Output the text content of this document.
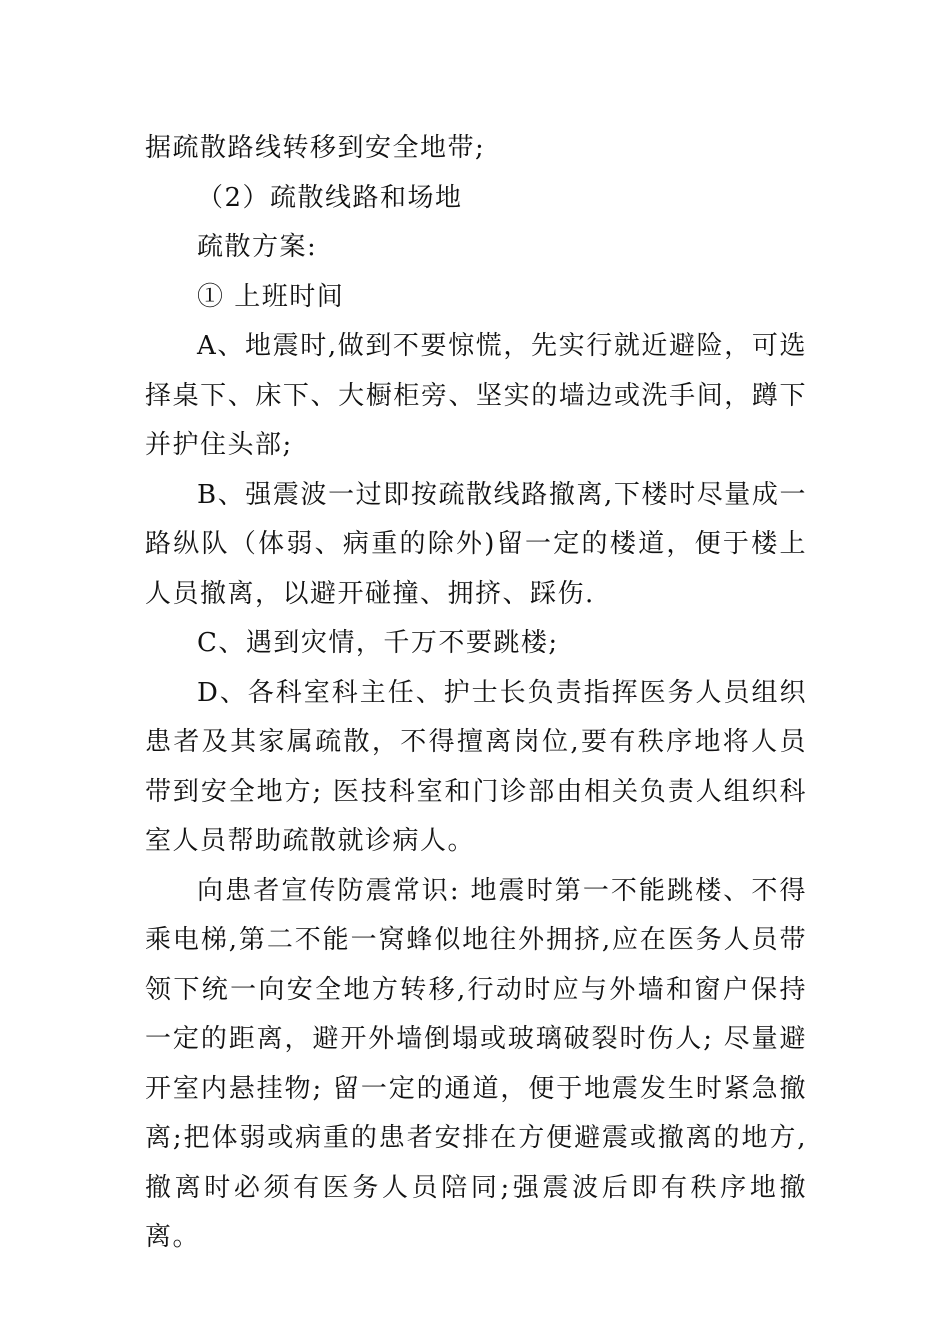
据疏散路线转移到安全地带;

（2）疏散线路和场地

疏散方案:

① 上班时间

A、地震时,做到不要惊慌，先实行就近避险，可选择桌下、床下、大橱柜旁、坚实的墙边或洗手间，蹲下并护住头部;

B、强震波一过即按疏散线路撤离,下楼时尽量成一路纵队（体弱、病重的除外)留一定的楼道，便于楼上人员撤离，以避开碰撞、拥挤、踩伤.

C、遇到灾情，千万不要跳楼;

D、各科室科主任、护士长负责指挥医务人员组织患者及其家属疏散，不得擅离岗位,要有秩序地将人员带到安全地方; 医技科室和门诊部由相关负责人组织科室人员帮助疏散就诊病人。

向患者宣传防震常识: 地震时第一不能跳楼、不得乘电梯,第二不能一窝蜂似地往外拥挤,应在医务人员带领下统一向安全地方转移,行动时应与外墙和窗户保持一定的距离，避开外墙倒塌或玻璃破裂时伤人; 尽量避开室内悬挂物; 留一定的通道，便于地震发生时紧急撤离;把体弱或病重的患者安排在方便避震或撤离的地方,撤离时必须有医务人员陪同;强震波后即有秩序地撤离。
